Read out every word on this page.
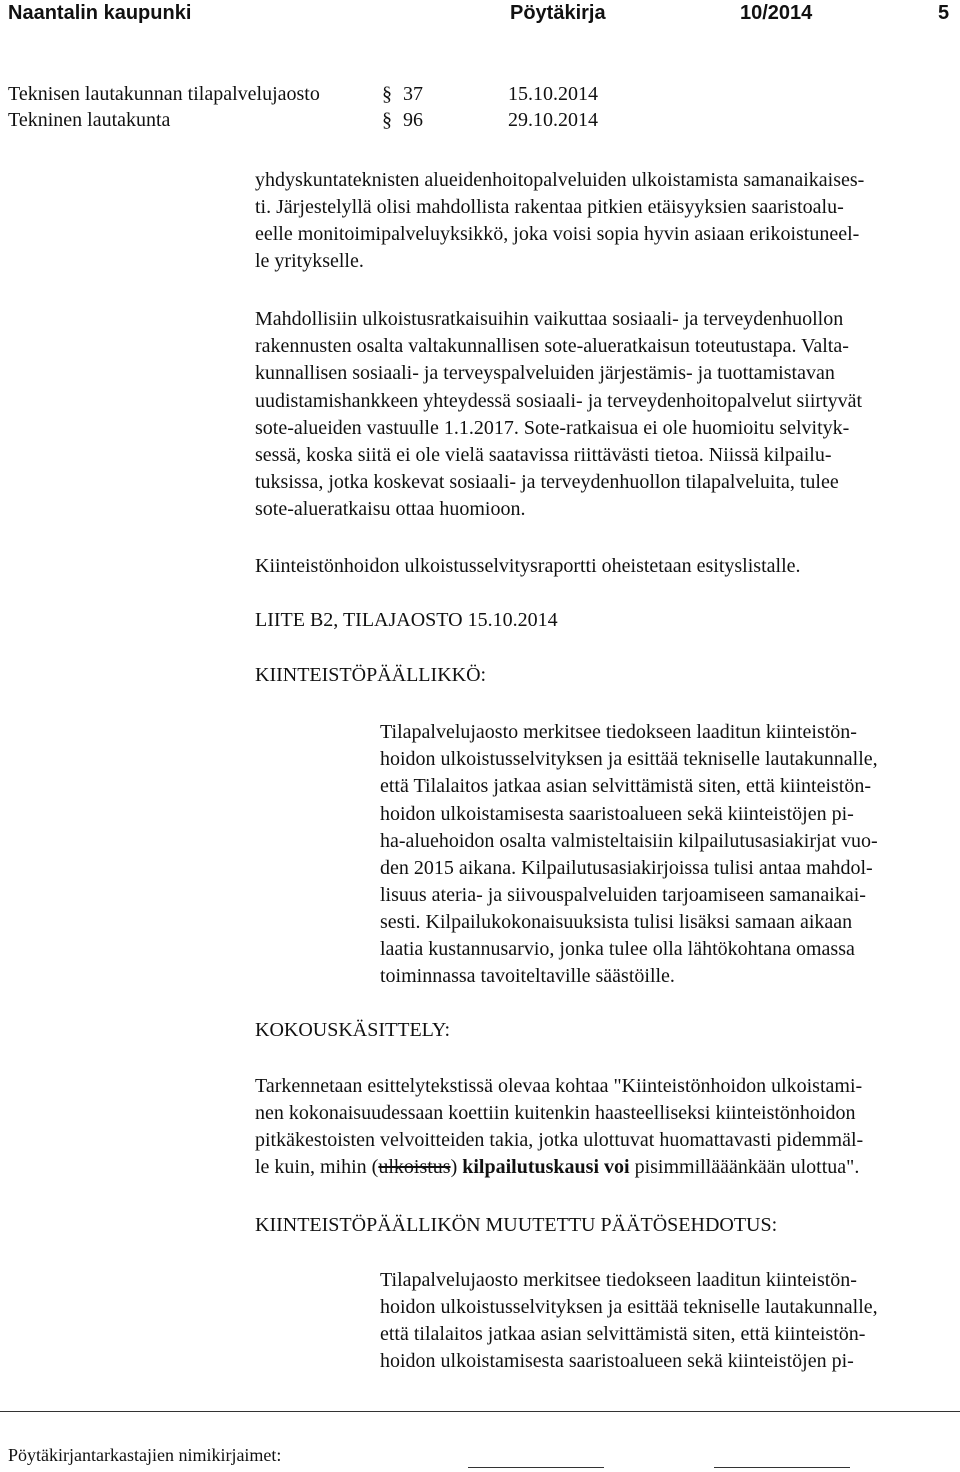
Naantalin kaupunki	Pöytäkirja	10/2014	5
Teknisen lautakunnan tilapalvelujaosto	§ 37	15.10.2014
Tekninen lautakunta	§ 96	29.10.2014
yhdyskuntateknisten alueidenhoitopalveluiden ulkoistamista samanaikaises-
ti. Järjestelyllä olisi mahdollista rakentaa pitkien etäisyyksien saaristoalu-
eelle monitoimipalveluyksikkö, joka voisi sopia hyvin asiaan erikoistuneel-
le yritykselle.
Mahdollisiin ulkoistusratkaisuihin vaikuttaa sosiaali- ja terveydenhuollon
rakennusten osalta valtakunnallisen sote-alueratkaisun toteutustapa. Valta-
kunnallisen sosiaali- ja terveyspalveluiden järjestämis- ja tuottamistavan
uudistamishankkeen yhteydessä sosiaali- ja terveydenhoitopalvelut siirtyvät
sote-alueiden vastuulle 1.1.2017. Sote-ratkaisua ei ole huomioitu selvityk-
sessä, koska siitä ei ole vielä saatavissa riittävästi tietoa. Niissä kilpailu-
tuksissa, jotka koskevat sosiaali- ja terveydenhuollon tilapalveluita, tulee
sote-alueratkaisu ottaa huomioon.
Kiinteistönhoidon ulkoistusselvitysraportti oheistetaan esityslistalle.
LIITE B2, TILAJAOSTO 15.10.2014
KIINTEISTÖPÄÄLLIKKÖ:
Tilapalvelujaosto merkitsee tiedokseen laaditun kiinteistön-
hoidon ulkoistusselvityksen ja esittää tekniselle lautakunnalle,
että Tilalaitos jatkaa asian selvittämistä siten, että kiinteistön-
hoidon ulkoistamisesta saaristoalueen sekä kiinteistöjen pi-
ha-aluehoidon osalta valmisteltaisiin kilpailutusasiakirjat vuo-
den 2015 aikana. Kilpailutusasiakirjoissa tulisi antaa mahdol-
lisuus ateria- ja siivouspalveluiden tarjoamiseen samanaikai-
sesti. Kilpailukokonaisuuksista tulisi lisäksi samaan aikaan
laatia kustannusarvio, jonka tulee olla lähtökohtana omassa
toiminnassa tavoiteltaville säästöille.
KOKOUSKÄSITTELY:
Tarkennetaan esittelytekstissä olevaa kohtaa "Kiinteistönhoidon ulkoistami-
nen kokonaisuudessaan koettiin kuitenkin haasteelliseksi kiinteistönhoidon
pitkäkestoisten velvoitteiden takia, jotka ulottuvat huomattavasti pidemmäl-
le kuin, mihin (ulkoistus) kilpailutuskausi voi pisimmillääänkään ulottua".
KIINTEISTÖPÄÄLLIKÖN MUUTETTU PÄÄTÖSEHDOTUS:
Tilapalvelujaosto merkitsee tiedokseen laaditun kiinteistön-
hoidon ulkoistusselvityksen ja esittää tekniselle lautakunnalle,
että tilalaitos jatkaa asian selvittämistä siten, että kiinteistön-
hoidon ulkoistamisesta saaristoalueen sekä kiinteistöjen pi-
Pöytäkirjantarkastajien nimikirjaimet:
